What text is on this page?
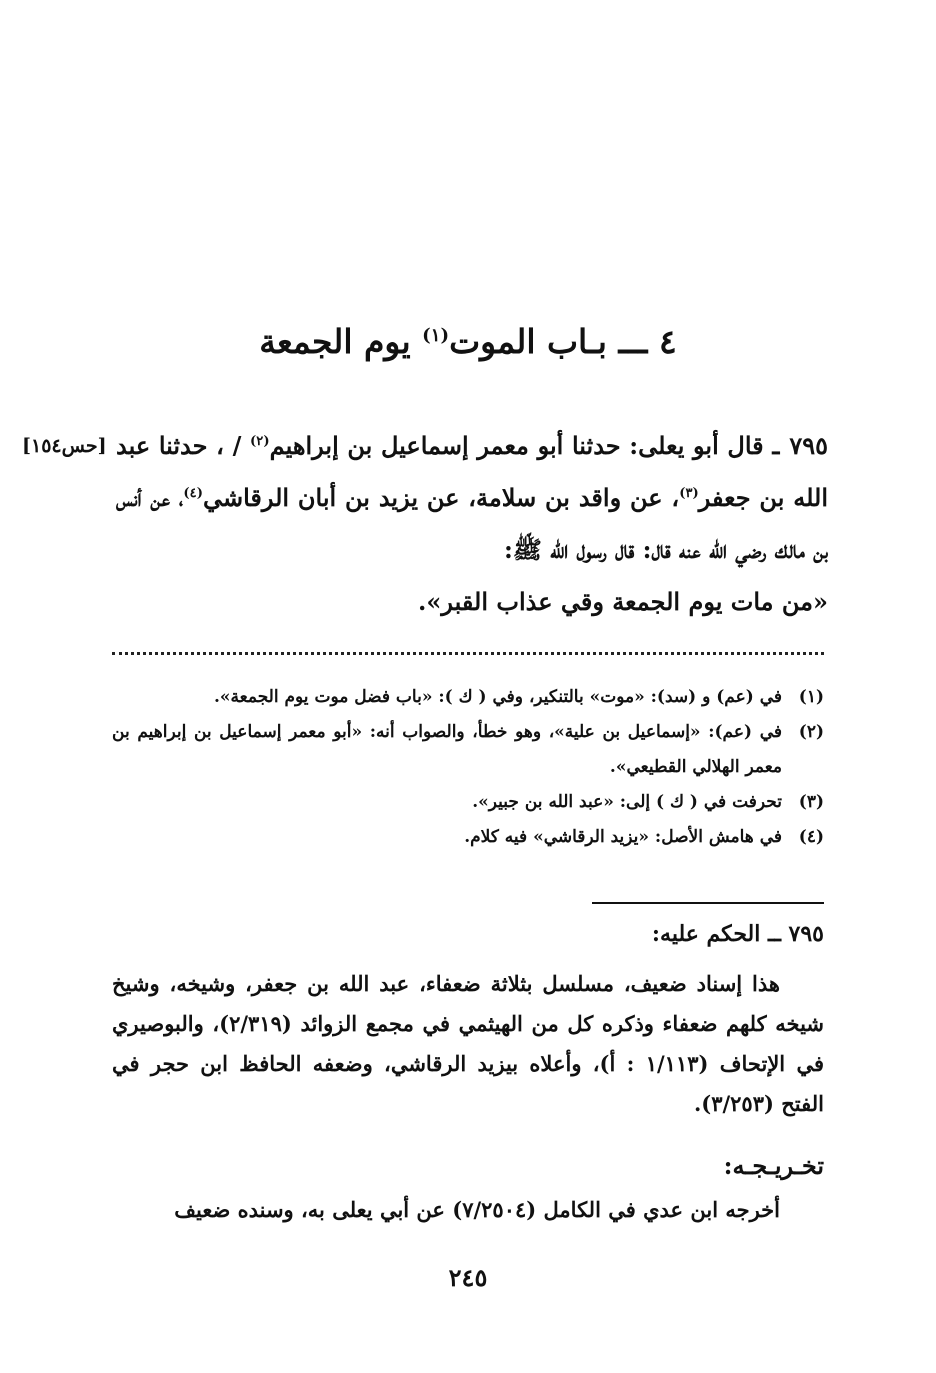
٤ ـــ بـاب الموت$^{(١)}$ يوم الجمعة
[حس١٥٤]	٧٩٥ـ قال أبو يعلى: حدثنا أبو معمر إسماعيل بن إبراهيم$^{(٢)}$ / ، حدثنا عبد الله بن جعفر$^{(٣)}$، عن واقد بن سلامة، عن يزيد بن أبان الرقاشي$^{(٤)}$، عن أنس بن مالك رضي الله عنه قال: قال رسول الله ﷺ:

«من مات يوم الجمعة وقي عذاب القبر».

(١)
في (عم) و (سد): «موت» بالتنكير، وفي ( ك ): «باب فضل موت يوم الجمعة».
(٢)
في (عم): «إسماعيل بن علية»، وهو خطأ، والصواب أنه: «أبو معمر إسماعيل بن إبراهيم بن معمر الهلالي القطيعي».
(٣)
تحرفت في ( ك ) إلى: «عبد الله بن جبير».
(٤)
في هامش الأصل: «يزيد الرقاشي» فيه كلام.
٧٩٥ ــ الحكم عليه:

هذا إسناد ضعيف، مسلسل بثلاثة ضعفاء، عبد الله بن جعفر، وشيخه، وشيخ شيخه كلهم ضعفاء وذكره كل من الهيثمي في مجمع الزوائد (٢/٣١٩)، والبوصيري في الإتحاف (١/١١٣ : أ)، وأعلاه بيزيد الرقاشي، وضعفه الحافظ ابن حجر في الفتح (٣/٢٥٣).

تخـريـجـه:

أخرجه ابن عدي في الكامل (٧/٢٥٠٤) عن أبي يعلى به، وسنده ضعيف

٢٤٥
